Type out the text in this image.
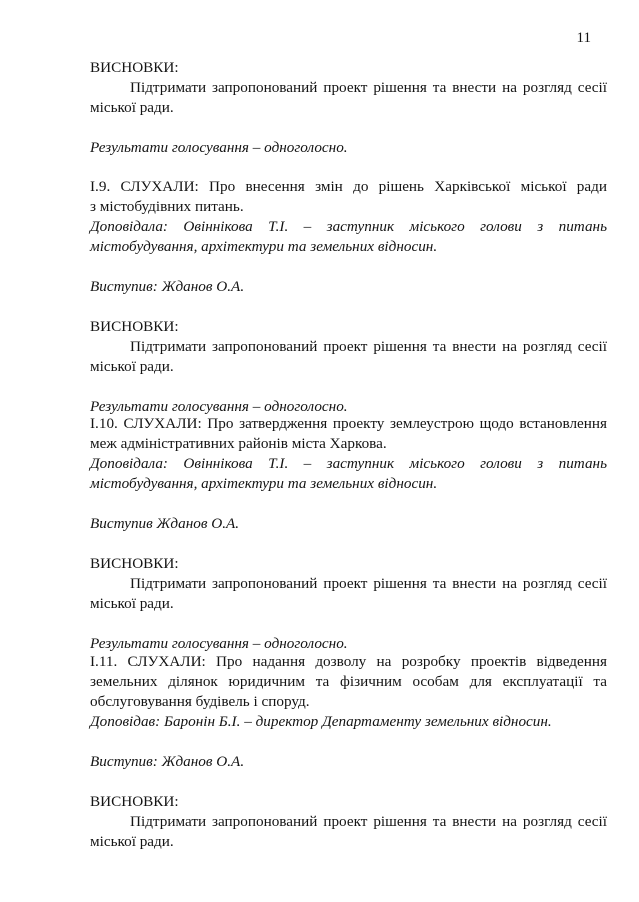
11
ВИСНОВКИ:
Підтримати запропонований проект рішення та внести на розгляд сесії
міської ради.
Результати голосування – одноголосно.
І.9. СЛУХАЛИ: Про внесення змін до рішень Харківської міської ради
з містобудівних питань.
Доповідала: Овіннікова Т.І. – заступник міського голови з питань
містобудування, архітектури та земельних відносин.
Виступив: Жданов О.А.
ВИСНОВКИ:
Підтримати запропонований проект рішення та внести на розгляд сесії
міської ради.
Результати голосування – одноголосно.
І.10. СЛУХАЛИ: Про затвердження проекту землеустрою щодо встановлення
меж адміністративних районів міста Харкова.
Доповідала: Овіннікова Т.І. – заступник міського голови з питань
містобудування, архітектури та земельних відносин.
Виступив Жданов О.А.
ВИСНОВКИ:
Підтримати запропонований проект рішення та внести на розгляд сесії
міської ради.
Результати голосування – одноголосно.
І.11. СЛУХАЛИ: Про надання дозволу на розробку проектів відведення
земельних ділянок юридичним та фізичним особам для експлуатації та
обслуговування будівель і споруд.
Доповідав: Баронін Б.І. – директор Департаменту земельних відносин.
Виступив: Жданов О.А.
ВИСНОВКИ:
Підтримати запропонований проект рішення та внести на розгляд сесії
міської ради.
